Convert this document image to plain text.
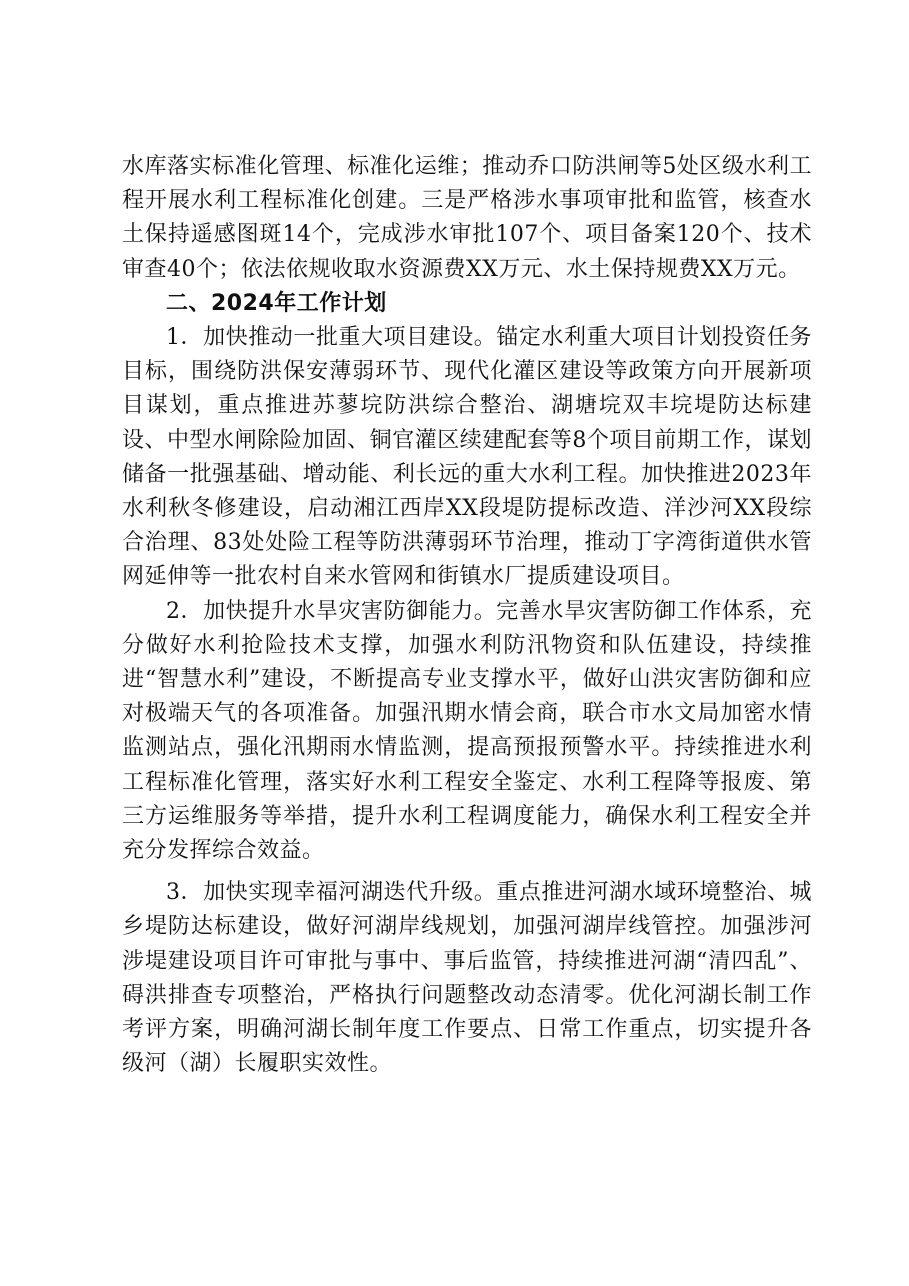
水库落实标准化管理、标准化运维；推动乔口防洪闸等5处区级水利工程开展水利工程标准化创建。三是严格涉水事项审批和监管，核查水土保持遥感图斑14个，完成涉水审批107个、项目备案120个、技术审查40个；依法依规收取水资源费XX万元、水土保持规费XX万元。

二、2024年工作计划

1．加快推动一批重大项目建设。锚定水利重大项目计划投资任务目标，围绕防洪保安薄弱环节、现代化灌区建设等政策方向开展新项目谋划，重点推进苏蓼垸防洪综合整治、湖塘垸双丰垸堤防达标建设、中型水闸除险加固、铜官灌区续建配套等8个项目前期工作，谋划储备一批强基础、增动能、利长远的重大水利工程。加快推进2023年水利秋冬修建设，启动湘江西岸XX段堤防提标改造、洋沙河XX段综合治理、83处处险工程等防洪薄弱环节治理，推动丁字湾街道供水管网延伸等一批农村自来水管网和街镇水厂提质建设项目。

2．加快提升水旱灾害防御能力。完善水旱灾害防御工作体系，充分做好水利抢险技术支撑，加强水利防汛物资和队伍建设，持续推进“智慧水利”建设，不断提高专业支撑水平，做好山洪灾害防御和应对极端天气的各项准备。加强汛期水情会商，联合市水文局加密水情监测站点，强化汛期雨水情监测，提高预报预警水平。持续推进水利工程标准化管理，落实好水利工程安全鉴定、水利工程降等报废、第三方运维服务等举措，提升水利工程调度能力，确保水利工程安全并充分发挥综合效益。

3．加快实现幸福河湖迭代升级。重点推进河湖水域环境整治、城乡堤防达标建设，做好河湖岸线规划，加强河湖岸线管控。加强涉河涉堤建设项目许可审批与事中、事后监管，持续推进河湖“清四乱”、碍洪排查专项整治，严格执行问题整改动态清零。优化河湖长制工作考评方案，明确河湖长制年度工作要点、日常工作重点，切实提升各级河（湖）长履职实效性。
